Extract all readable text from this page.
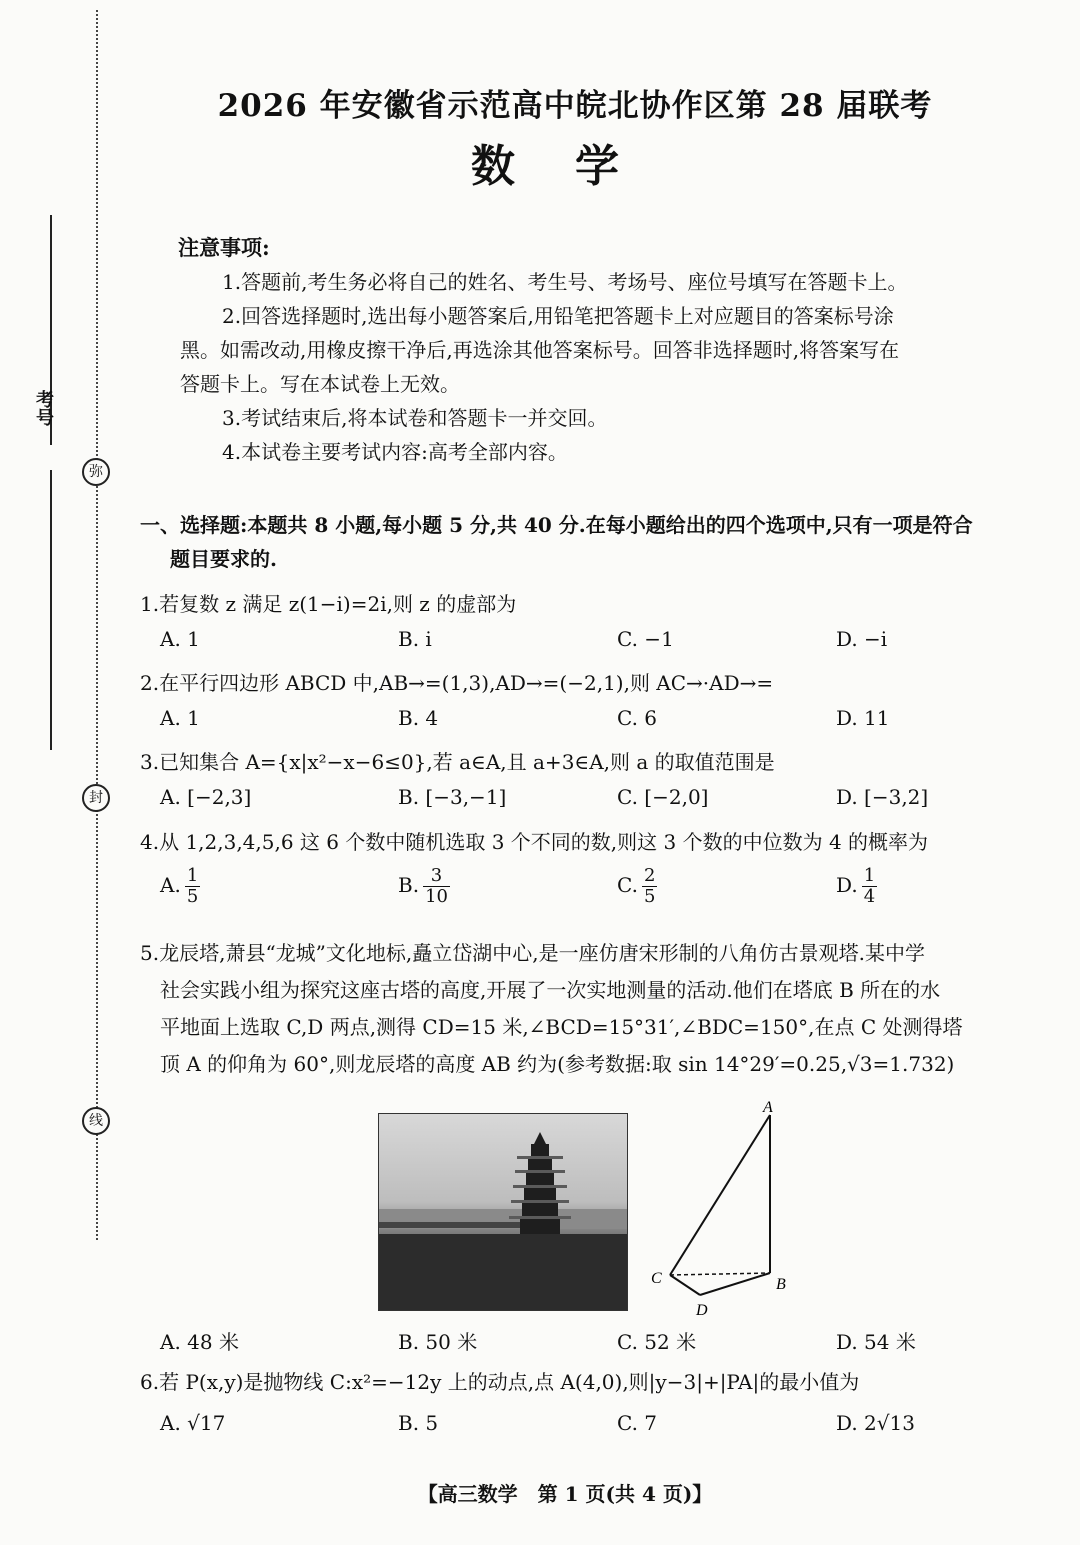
考号
弥
封
线
2026 年安徽省示范高中皖北协作区第 28 届联考
数学
注意事项:
1.答题前,考生务必将自己的姓名、考生号、考场号、座位号填写在答题卡上。
2.回答选择题时,选出每小题答案后,用铅笔把答题卡上对应题目的答案标号涂
黑。如需改动,用橡皮擦干净后,再选涂其他答案标号。回答非选择题时,将答案写在
答题卡上。写在本试卷上无效。
3.考试结束后,将本试卷和答题卡一并交回。
4.本试卷主要考试内容:高考全部内容。
一、选择题:本题共 8 小题,每小题 5 分,共 40 分.在每小题给出的四个选项中,只有一项是符合
题目要求的.
1.若复数 z 满足 z(1−i)=2i,则 z 的虚部为
A. 1	B. i	C. −1	D. −i
2.在平行四边形 ABCD 中,AB→=(1,3),AD→=(−2,1),则 AC→·AD→=
A. 1	B. 4	C. 6	D. 11
3.已知集合 A={x|x²−x−6≤0},若 a∈A,且 a+3∈A,则 a 的取值范围是
A. [−2,3]	B. [−3,−1]	C. [−2,0]	D. [−3,2]
4.从 1,2,3,4,5,6 这 6 个数中随机选取 3 个不同的数,则这 3 个数的中位数为 4 的概率为
A. $\frac{1}{5}$	B. $\frac{3}{10}$	C. $\frac{2}{5}$	D. $\frac{1}{4}$
5.龙辰塔,萧县“龙城”文化地标,矗立岱湖中心,是一座仿唐宋形制的八角仿古景观塔.某中学
社会实践小组为探究这座古塔的高度,开展了一次实地测量的活动.他们在塔底 B 所在的水
平地面上选取 C,D 两点,测得 CD=15 米,∠BCD=15°31′,∠BDC=150°,在点 C 处测得塔
顶 A 的仰角为 60°,则龙辰塔的高度 AB 约为(参考数据:取 sin 14°29′=0.25,√3=1.732)
A
B
C
D
A. 48 米	B. 50 米	C. 52 米	D. 54 米
6.若 P(x,y)是抛物线 C:x²=−12y 上的动点,点 A(4,0),则|y−3|+|PA|的最小值为
A. √17	B. 5	C. 7	D. 2√13
【高三数学　第 1 页(共 4 页)】
